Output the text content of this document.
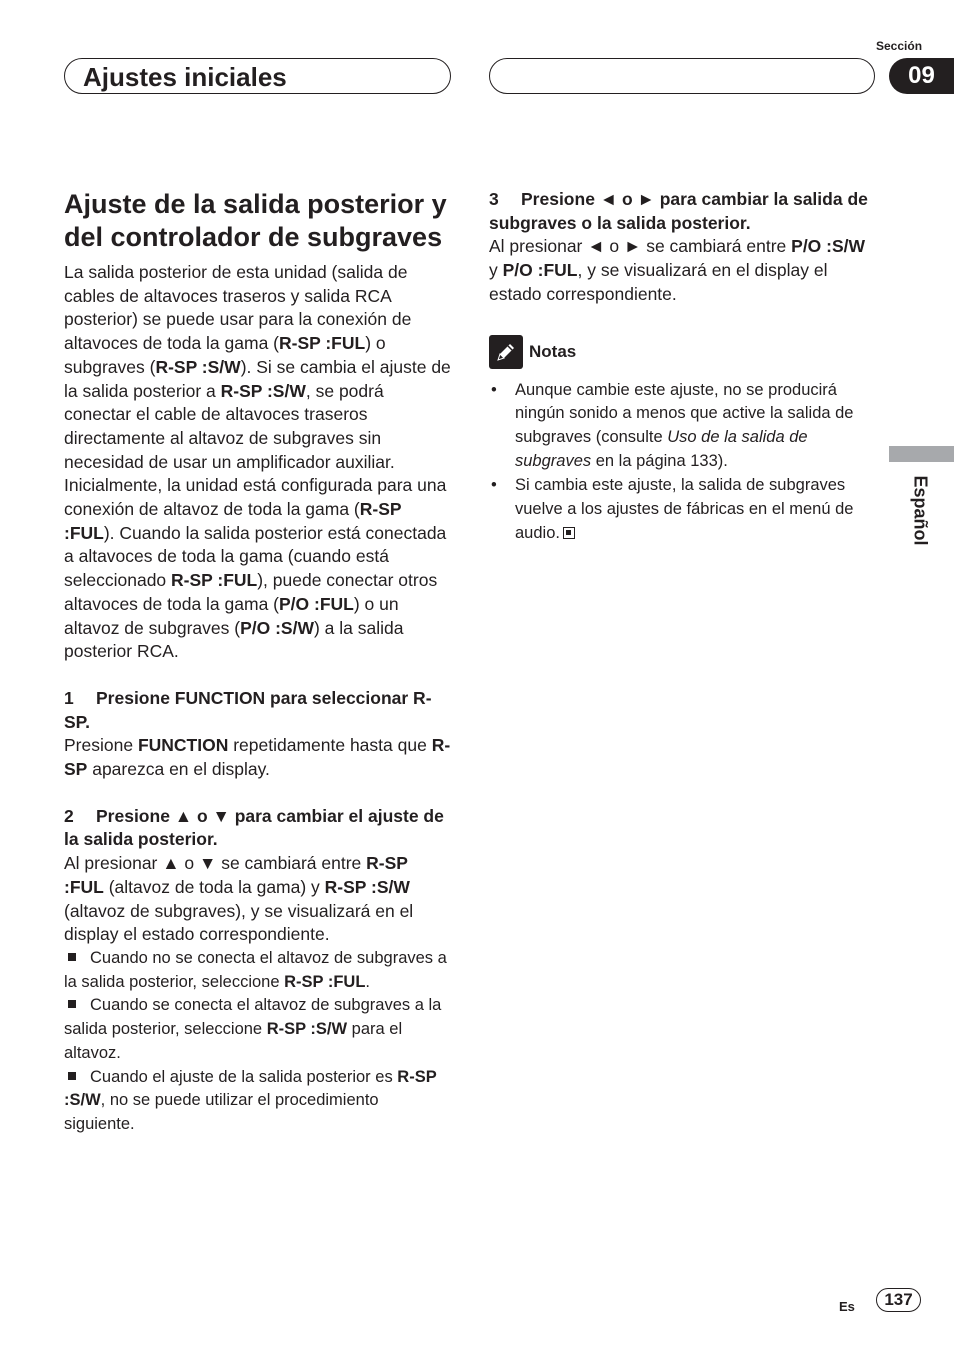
Ajustes iniciales
Sección
09
Español
Ajuste de la salida posterior y del controlador de subgraves

La salida posterior de esta unidad (salida de cables de altavoces traseros y salida RCA posterior) se puede usar para la conexión de altavoces de toda la gama (R-SP :FUL) o subgraves (R-SP :S/W). Si se cambia el ajuste de la salida posterior a R-SP :S/W, se podrá conectar el cable de altavoces traseros directamente al altavoz de subgraves sin necesidad de usar un amplificador auxiliar.

Inicialmente, la unidad está configurada para una conexión de altavoz de toda la gama (R-SP :FUL). Cuando la salida posterior está conectada a altavoces de toda la gama (cuando está seleccionado R-SP :FUL), puede conectar otros altavoces de toda la gama (P/O :FUL) o un altavoz de subgraves (P/O :S/W) a la salida posterior RCA.

1 Presione FUNCTION para seleccionar R-SP.

Presione FUNCTION repetidamente hasta que R-SP aparezca en el display.

2 Presione ▲ o ▼ para cambiar el ajuste de la salida posterior.

Al presionar ▲ o ▼ se cambiará entre R-SP :FUL (altavoz de toda la gama) y R-SP :S/W (altavoz de subgraves), y se visualizará en el display el estado correspondiente.

Cuando no se conecta el altavoz de subgraves a la salida posterior, seleccione R-SP :FUL.

Cuando se conecta el altavoz de subgraves a la salida posterior, seleccione R-SP :S/W para el altavoz.

Cuando el ajuste de la salida posterior es R-SP :S/W, no se puede utilizar el procedimiento siguiente.

3 Presione ◄ o ► para cambiar la salida de subgraves o la salida posterior.

Al presionar ◄ o ► se cambiará entre P/O :S/W y P/O :FUL, y se visualizará en el display el estado correspondiente.

Notas

• Aunque cambie este ajuste, no se producirá ningún sonido a menos que active la salida de subgraves (consulte Uso de la salida de subgraves en la página 133).

• Si cambia este ajuste, la salida de subgraves vuelve a los ajustes de fábricas en el menú de audio.

Es	137
